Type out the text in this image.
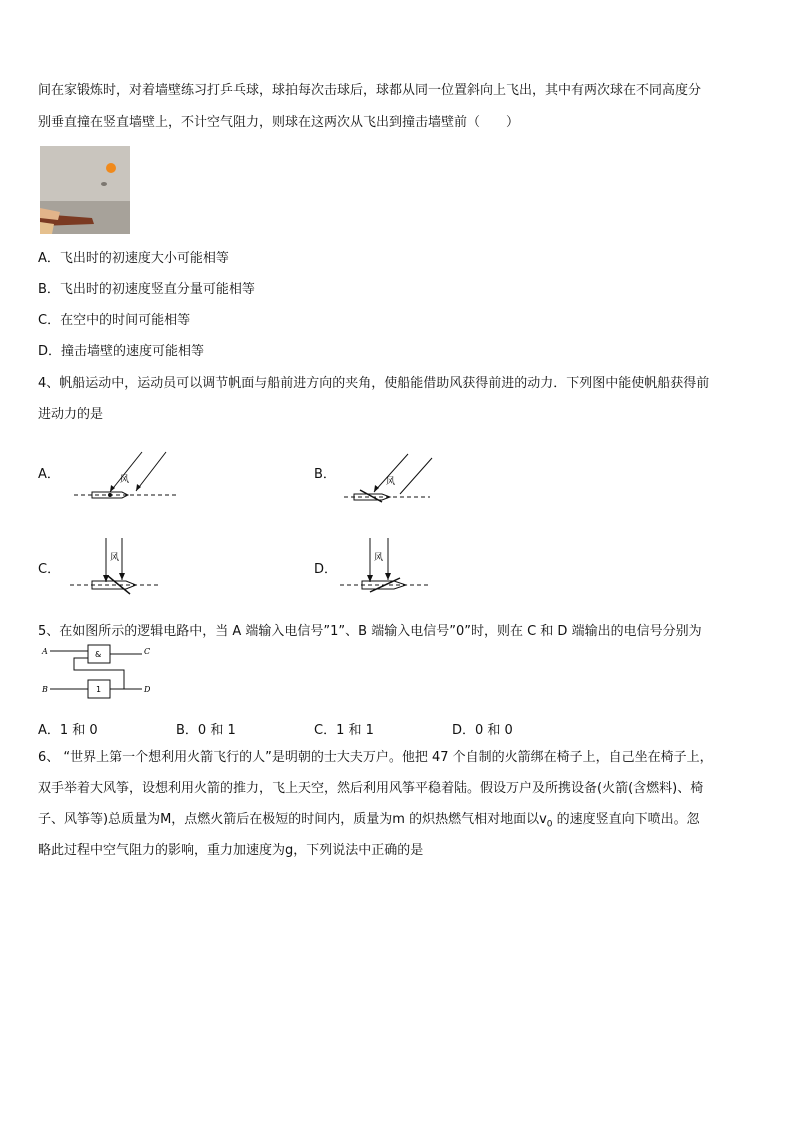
间在家锻炼时，对着墙壁练习打乒乓球，球拍每次击球后，球都从同一位置斜向上飞出，其中有两次球在不同高度分
别垂直撞在竖直墙壁上，不计空气阻力，则球在这两次从飞出到撞击墙壁前（　　）
A．飞出时的初速度大小可能相等
B．飞出时的初速度竖直分量可能相等
C．在空中的时间可能相等
D．撞击墙壁的速度可能相等
4、帆船运动中，运动员可以调节帆面与船前进方向的夹角，使船能借助风获得前进的动力．下列图中能使帆船获得前
进动力的是
A．	风	B．	风
C．
风
D．
风
5、在如图所示的逻辑电路中，当 A 端输入电信号”1”、B 端输入电信号”0”时，则在 C 和 D 端输出的电信号分别为
A
B
C
D
&
1
A．1 和 0	B．0 和 1	C．1 和 1	D．0 和 0
6、 “世界上第一个想利用火箭飞行的人”是明朝的士大夫万户。他把 47 个自制的火箭绑在椅子上，自己坐在椅子上，
双手举着大风筝，设想利用火箭的推力，飞上天空，然后利用风筝平稳着陆。假设万户及所携设备(火箭(含燃料)、椅
子、风筝等)总质量为M，点燃火箭后在极短的时间内，质量为m 的炽热燃气相对地面以$v_0$ 的速度竖直向下喷出。忽
略此过程中空气阻力的影响，重力加速度为g，下列说法中正确的是
